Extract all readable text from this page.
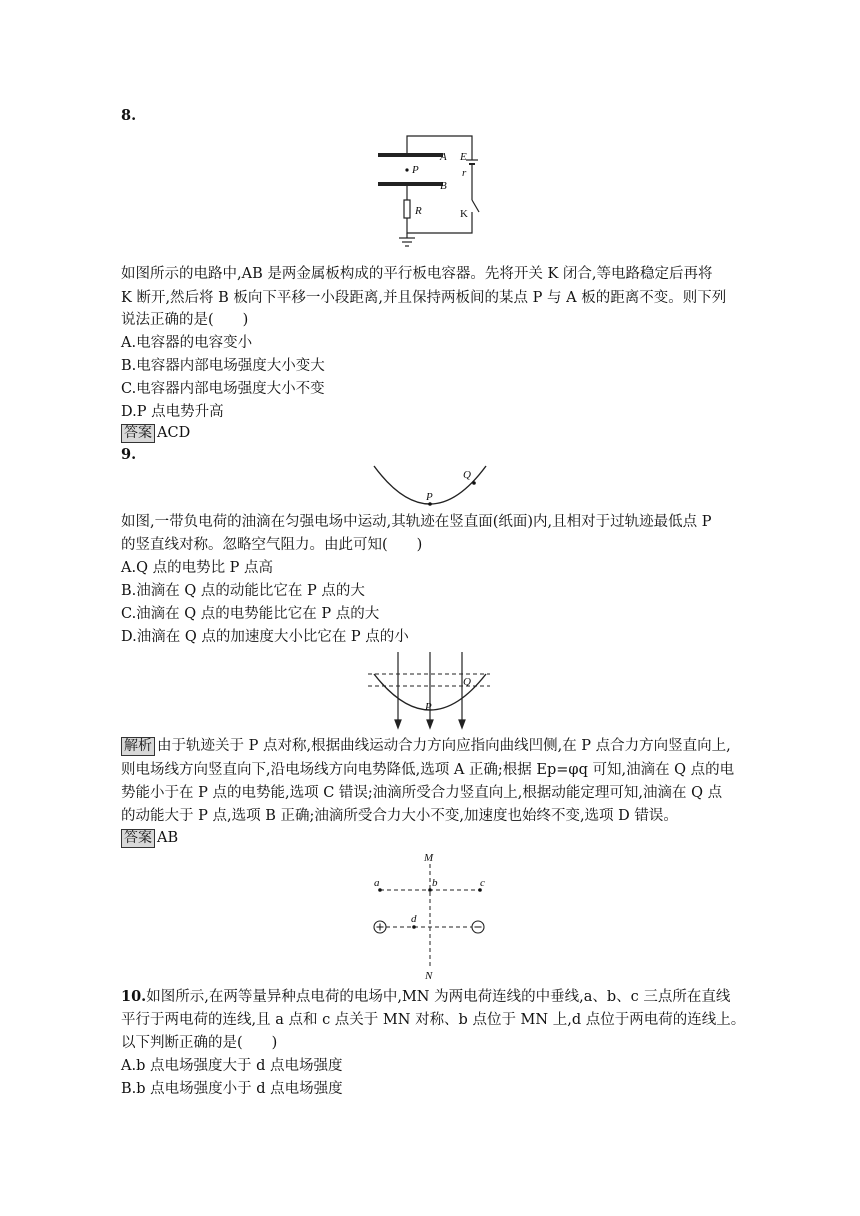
8.
P
A
B
R
E
r
K
如图所示的电路中,AB 是两金属板构成的平行板电容器。先将开关 K 闭合,等电路稳定后再将
K 断开,然后将 B 板向下平移一小段距离,并且保持两板间的某点 P 与 A 板的距离不变。则下列
说法正确的是(　　)
A.电容器的电容变小
B.电容器内部电场强度大小变大
C.电容器内部电场强度大小不变
D.P 点电势升高
答案 ACD
9.
P
Q
如图,一带负电荷的油滴在匀强电场中运动,其轨迹在竖直面(纸面)内,且相对于过轨迹最低点 P
的竖直线对称。忽略空气阻力。由此可知(　　)
A.Q 点的电势比 P 点高
B.油滴在 Q 点的动能比它在 P 点的大
C.油滴在 Q 点的电势能比它在 P 点的大
D.油滴在 Q 点的加速度大小比它在 P 点的小
P
Q
解析 由于轨迹关于 P 点对称,根据曲线运动合力方向应指向曲线凹侧,在 P 点合力方向竖直向上,
则电场线方向竖直向下,沿电场线方向电势降低,选项 A 正确;根据 Ep=φq 可知,油滴在 Q 点的电
势能小于在 P 点的电势能,选项 C 错误;油滴所受合力竖直向上,根据动能定理可知,油滴在 Q 点
的动能大于 P 点,选项 B 正确;油滴所受合力大小不变,加速度也始终不变,选项 D 错误。
答案 AB
M
N
a	b	c
d
10.如图所示,在两等量异种点电荷的电场中,MN 为两电荷连线的中垂线,a、b、c 三点所在直线
平行于两电荷的连线,且 a 点和 c 点关于 MN 对称、b 点位于 MN 上,d 点位于两电荷的连线上。
以下判断正确的是(　　)
A.b 点电场强度大于 d 点电场强度
B.b 点电场强度小于 d 点电场强度
